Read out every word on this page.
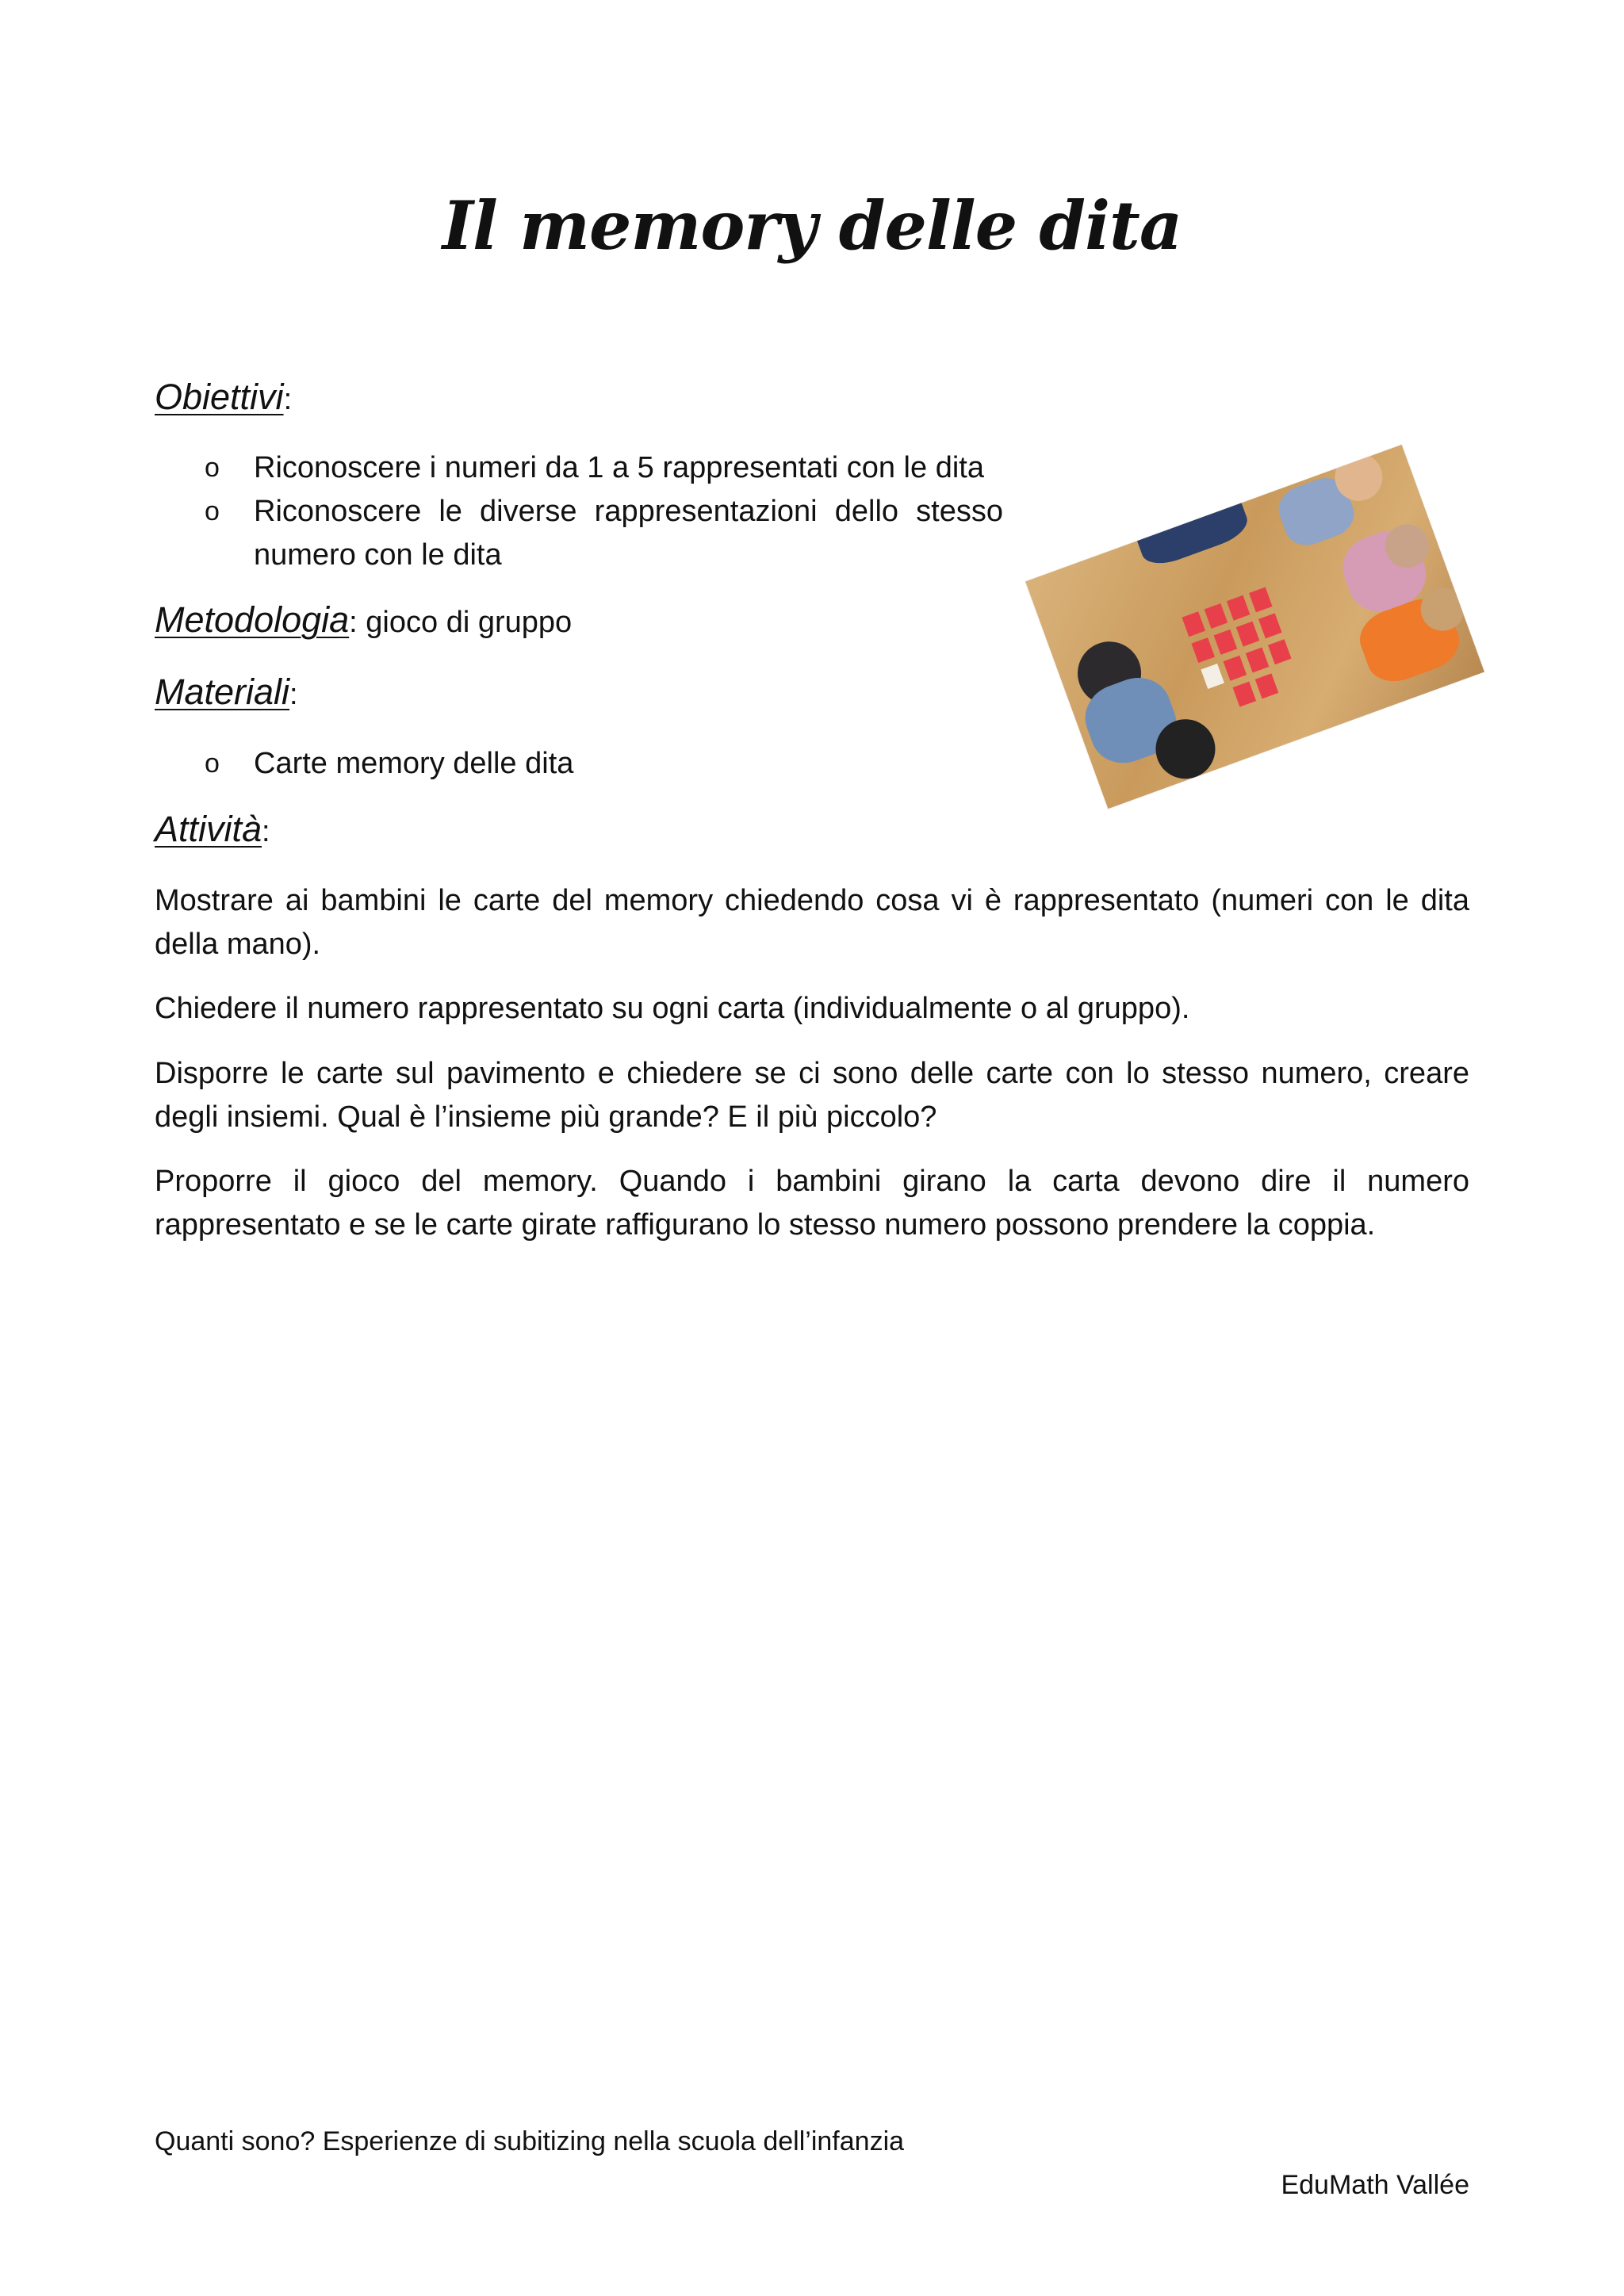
Il memory delle dita
Obiettivi:
o Riconoscere i numeri da 1 a 5 rappresentati con le dita
o Riconoscere le diverse rappresentazioni dello stesso numero con le dita
Metodologia: gioco di gruppo
Materiali:
o Carte memory delle dita
Attività:
Mostrare ai bambini le carte del memory chiedendo cosa vi è rappresentato (numeri con le dita della mano).
Chiedere il numero rappresentato su ogni carta (individualmente o al gruppo).
Disporre le carte sul pavimento e chiedere se ci sono delle carte con lo stesso numero, creare degli insiemi. Qual è l’insieme più grande? E il più piccolo?
Proporre il gioco del memory. Quando i bambini girano la carta devono dire il numero rappresentato e se le carte girate raffigurano lo stesso numero possono prendere la coppia.
Quanti sono? Esperienze di subitizing nella scuola dell’infanzia
EduMath Vallée
